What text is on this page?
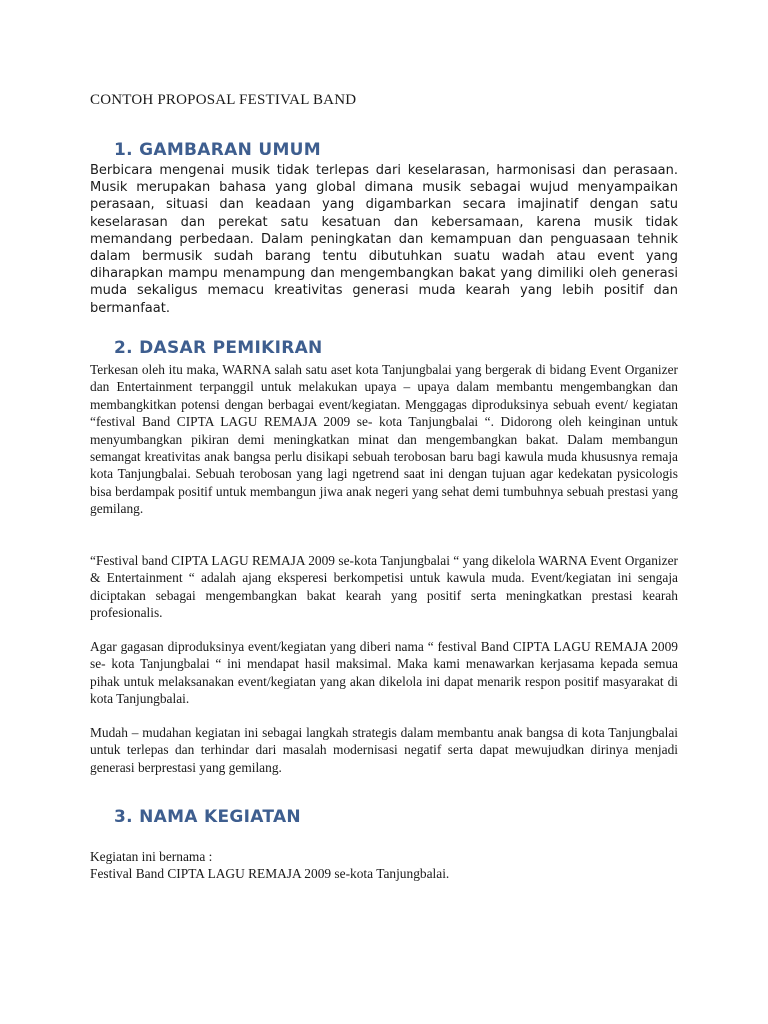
CONTOH PROPOSAL FESTIVAL BAND
1. GAMBARAN UMUM
Berbicara mengenai musik tidak terlepas dari keselarasan, harmonisasi dan perasaan. Musik merupakan bahasa yang global dimana musik sebagai wujud menyampaikan perasaan, situasi dan keadaan yang digambarkan secara imajinatif dengan satu keselarasan dan perekat satu kesatuan dan kebersamaan, karena musik tidak memandang perbedaan. Dalam peningkatan dan kemampuan dan penguasaan tehnik dalam bermusik sudah barang tentu dibutuhkan suatu wadah atau event yang diharapkan mampu menampung dan mengembangkan bakat yang dimiliki oleh generasi muda sekaligus memacu kreativitas generasi muda kearah yang lebih positif dan bermanfaat.
2. DASAR PEMIKIRAN
Terkesan oleh itu maka, WARNA salah satu aset kota Tanjungbalai yang bergerak di bidang Event Organizer dan Entertainment terpanggil untuk melakukan upaya – upaya dalam membantu mengembangkan dan membangkitkan potensi dengan berbagai event/kegiatan. Menggagas diproduksinya sebuah event/ kegiatan “festival Band CIPTA LAGU REMAJA 2009 se- kota Tanjungbalai “. Didorong oleh keinginan untuk menyumbangkan pikiran demi meningkatkan minat dan mengembangkan bakat. Dalam membangun semangat kreativitas anak bangsa perlu disikapi sebuah terobosan baru bagi kawula muda khususnya remaja kota Tanjungbalai. Sebuah terobosan yang lagi ngetrend saat ini dengan tujuan agar kedekatan pysicologis bisa berdampak positif untuk membangun jiwa anak negeri yang sehat demi tumbuhnya sebuah prestasi yang gemilang.
“Festival band CIPTA LAGU REMAJA 2009 se-kota Tanjungbalai “ yang dikelola WARNA Event Organizer & Entertainment “ adalah ajang eksperesi berkompetisi untuk kawula muda. Event/kegiatan ini sengaja diciptakan sebagai mengembangkan bakat kearah yang positif serta meningkatkan prestasi kearah profesionalis.
Agar gagasan diproduksinya event/kegiatan yang diberi nama “ festival Band CIPTA LAGU REMAJA 2009 se- kota Tanjungbalai “ ini mendapat hasil maksimal. Maka kami menawarkan kerjasama kepada semua pihak untuk melaksanakan event/kegiatan yang akan dikelola ini dapat menarik respon positif masyarakat di kota Tanjungbalai.
Mudah – mudahan kegiatan ini sebagai langkah strategis dalam membantu anak bangsa di kota Tanjungbalai untuk terlepas dan terhindar dari masalah modernisasi negatif serta dapat mewujudkan dirinya menjadi generasi berprestasi yang gemilang.
3. NAMA KEGIATAN
Kegiatan ini bernama :
Festival Band CIPTA LAGU REMAJA 2009 se-kota Tanjungbalai.
